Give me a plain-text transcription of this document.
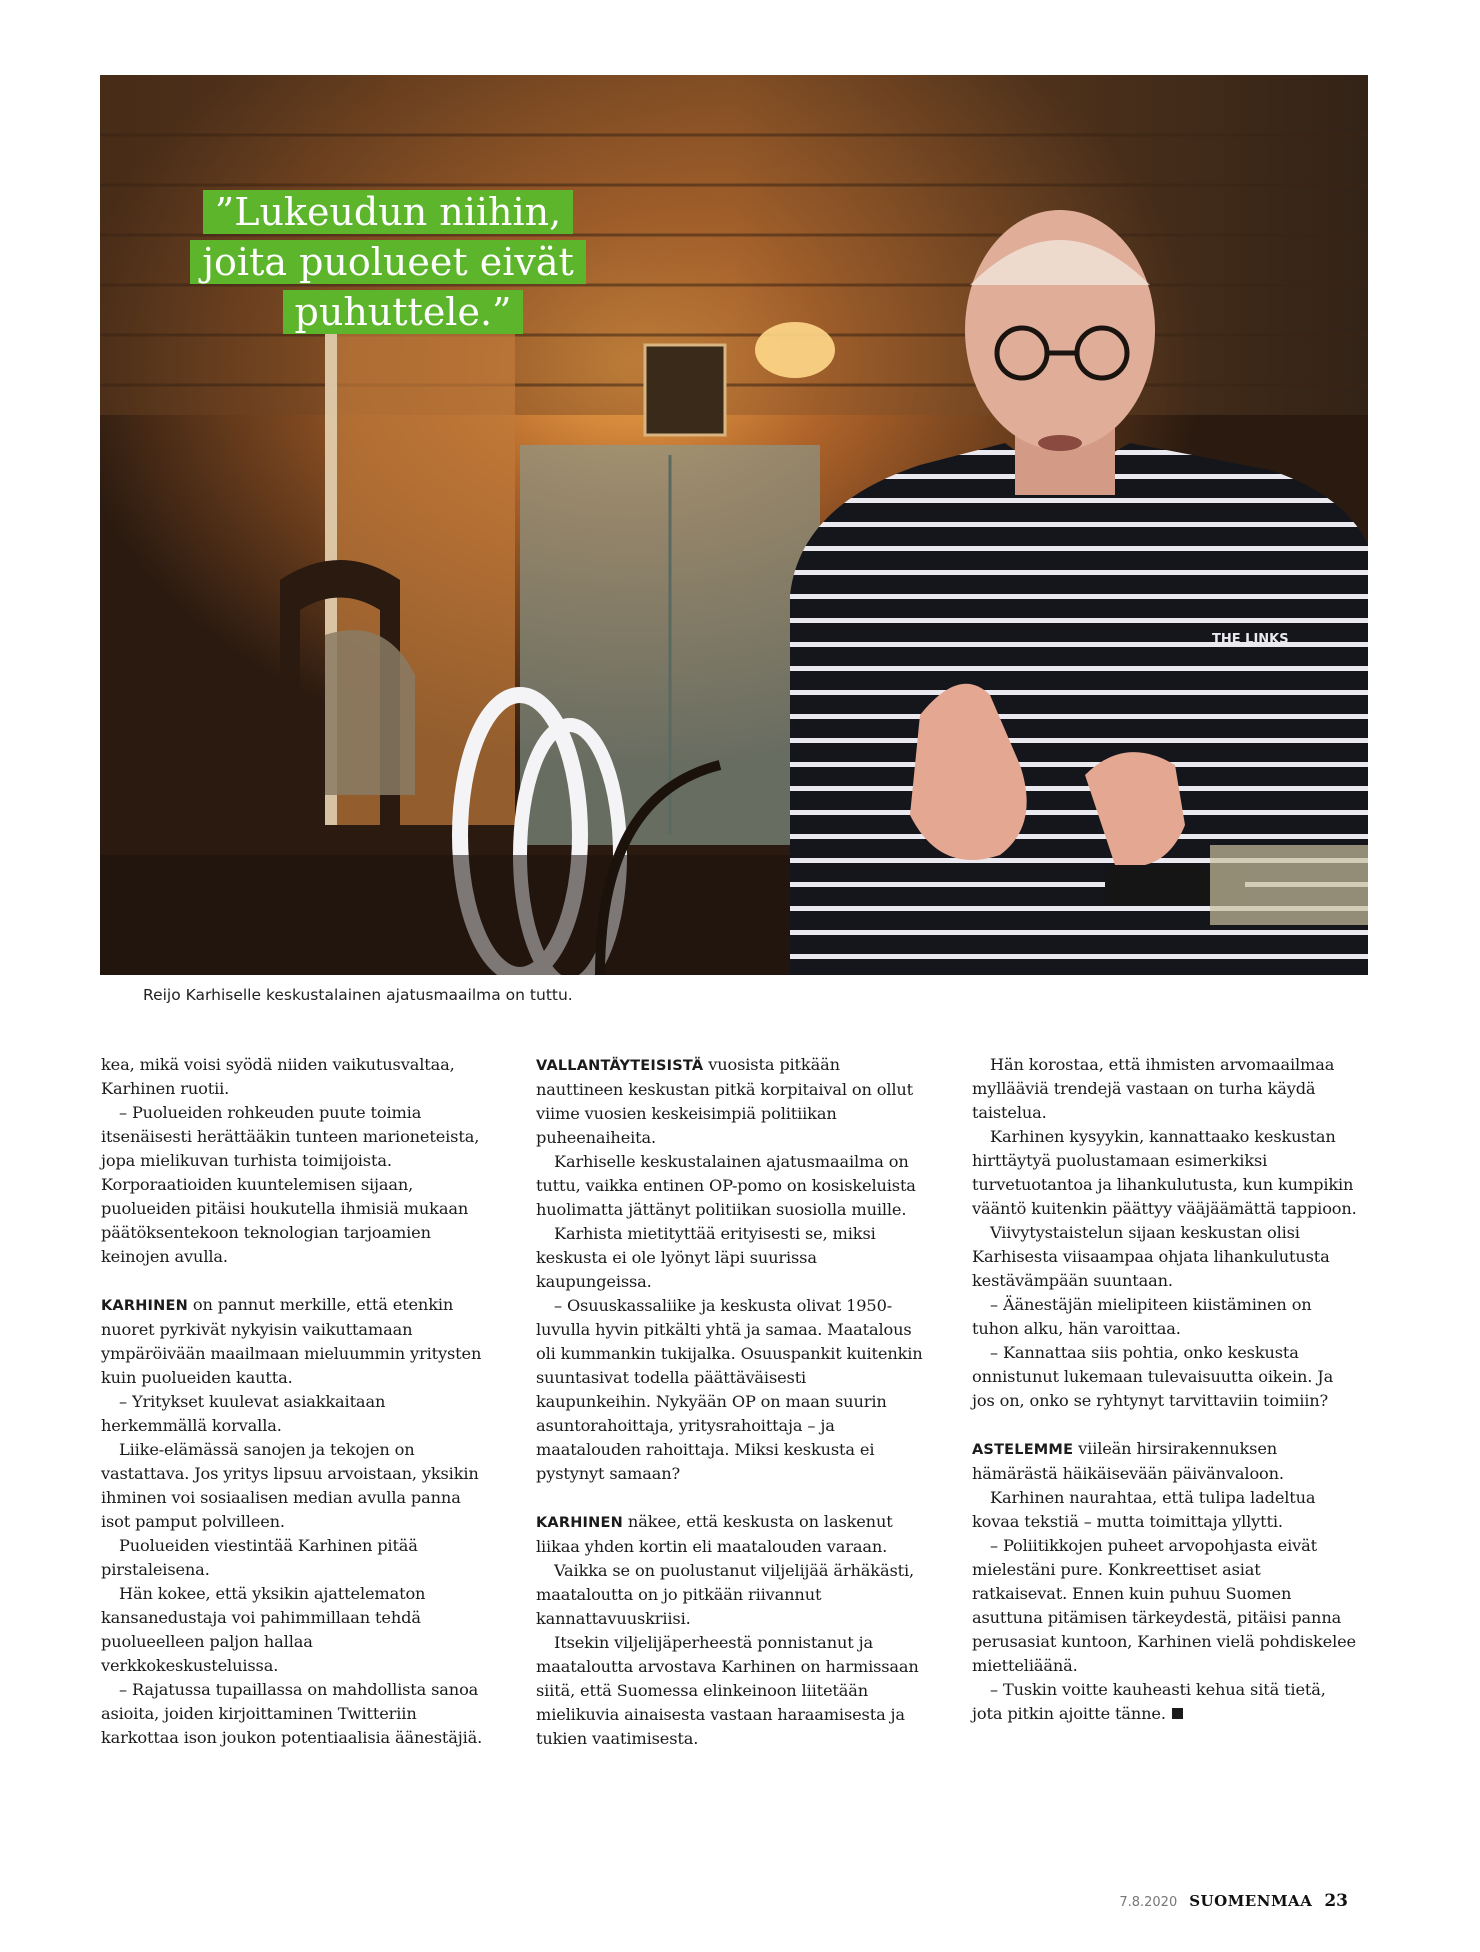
THE LINKS
”Lukeudun niihin,
joita puolueet eivät
puhuttele.”
Reijo Karhiselle keskustalainen ajatusmaailma on tuttu.

kea, mikä voisi syödä niiden vaikutusvaltaa, Karhinen ruotii.

– Puolueiden rohkeuden puute toimia itsenäisesti herättääkin tunteen marioneteista, jopa mielikuvan turhista toimijoista. Korporaatioiden kuuntelemisen sijaan, puolueiden pitäisi houkutella ihmisiä mukaan päätöksentekoon teknologian tarjoamien keinojen avulla.

KARHINEN on pannut merkille, että etenkin nuoret pyrkivät nykyisin vaikuttamaan ympäröivään maailmaan mieluummin yritysten kuin puolueiden kautta.

– Yritykset kuulevat asiakkaitaan herkemmällä korvalla.

Liike-elämässä sanojen ja tekojen on vastattava. Jos yritys lipsuu arvoistaan, yksikin ihminen voi sosiaalisen median avulla panna isot pamput polvilleen.

Puolueiden viestintää Karhinen pitää pirstaleisena.

Hän kokee, että yksikin ajattelematon kansanedustaja voi pahimmillaan tehdä puolueelleen paljon hallaa verkkokeskusteluissa.

– Rajatussa tupaillassa on mahdollista sanoa asioita, joiden kirjoittaminen Twitteriin karkottaa ison joukon potentiaalisia äänestäjiä.

VALLANTÄYTEISISTÄ vuosista pitkään nauttineen keskustan pitkä korpitaival on ollut viime vuosien keskeisimpiä politiikan puheenaiheita.

Karhiselle keskustalainen ajatusmaailma on tuttu, vaikka entinen OP-pomo on kosiskeluista huolimatta jättänyt politiikan suosiolla muille.

Karhista mietityttää erityisesti se, miksi keskusta ei ole lyönyt läpi suurissa kaupungeissa.

– Osuuskassaliike ja keskusta olivat 1950-luvulla hyvin pitkälti yhtä ja samaa. Maatalous oli kummankin tukijalka. Osuuspankit kuitenkin suuntasivat todella päättäväisesti kaupunkeihin. Nykyään OP on maan suurin asuntorahoittaja, yritysrahoittaja – ja maatalouden rahoittaja. Miksi keskusta ei pystynyt samaan?

KARHINEN näkee, että keskusta on laskenut liikaa yhden kortin eli maatalouden varaan.

Vaikka se on puolustanut viljelijää ärhäkästi, maataloutta on jo pitkään riivannut kannattavuuskriisi.

Itsekin viljelijäperheestä ponnistanut ja maataloutta arvostava Karhinen on harmissaan siitä, että Suomessa elinkeinoon liitetään mielikuvia ainaisesta vastaan haraamisesta ja tukien vaatimisesta.

Hän korostaa, että ihmisten arvomaailmaa myllääviä trendejä vastaan on turha käydä taistelua.

Karhinen kysyykin, kannattaako keskustan hirttäytyä puolustamaan esimerkiksi turvetuotantoa ja lihankulutusta, kun kumpikin vääntö kuitenkin päättyy vääjäämättä tappioon.

Viivytystaistelun sijaan keskustan olisi Karhisesta viisaampaa ohjata lihankulutusta kestävämpään suuntaan.

– Äänestäjän mielipiteen kiistäminen on tuhon alku, hän varoittaa.

– Kannattaa siis pohtia, onko keskusta onnistunut lukemaan tulevaisuutta oikein. Ja jos on, onko se ryhtynyt tarvittaviin toimiin?

ASTELEMME viileän hirsirakennuksen hämärästä häikäisevään päivänvaloon.

Karhinen naurahtaa, että tulipa ladeltua kovaa tekstiä – mutta toimittaja yllytti.

– Poliitikkojen puheet arvopohjasta eivät mielestäni pure. Konkreettiset asiat ratkaisevat. Ennen kuin puhuu Suomen asuttuna pitämisen tärkeydestä, pitäisi panna perusasiat kuntoon, Karhinen vielä pohdiskelee mietteliäänä.

– Tuskin voitte kauheasti kehua sitä tietä, jota pitkin ajoitte tänne.

7.8.2020 SUOMENMAA 23
